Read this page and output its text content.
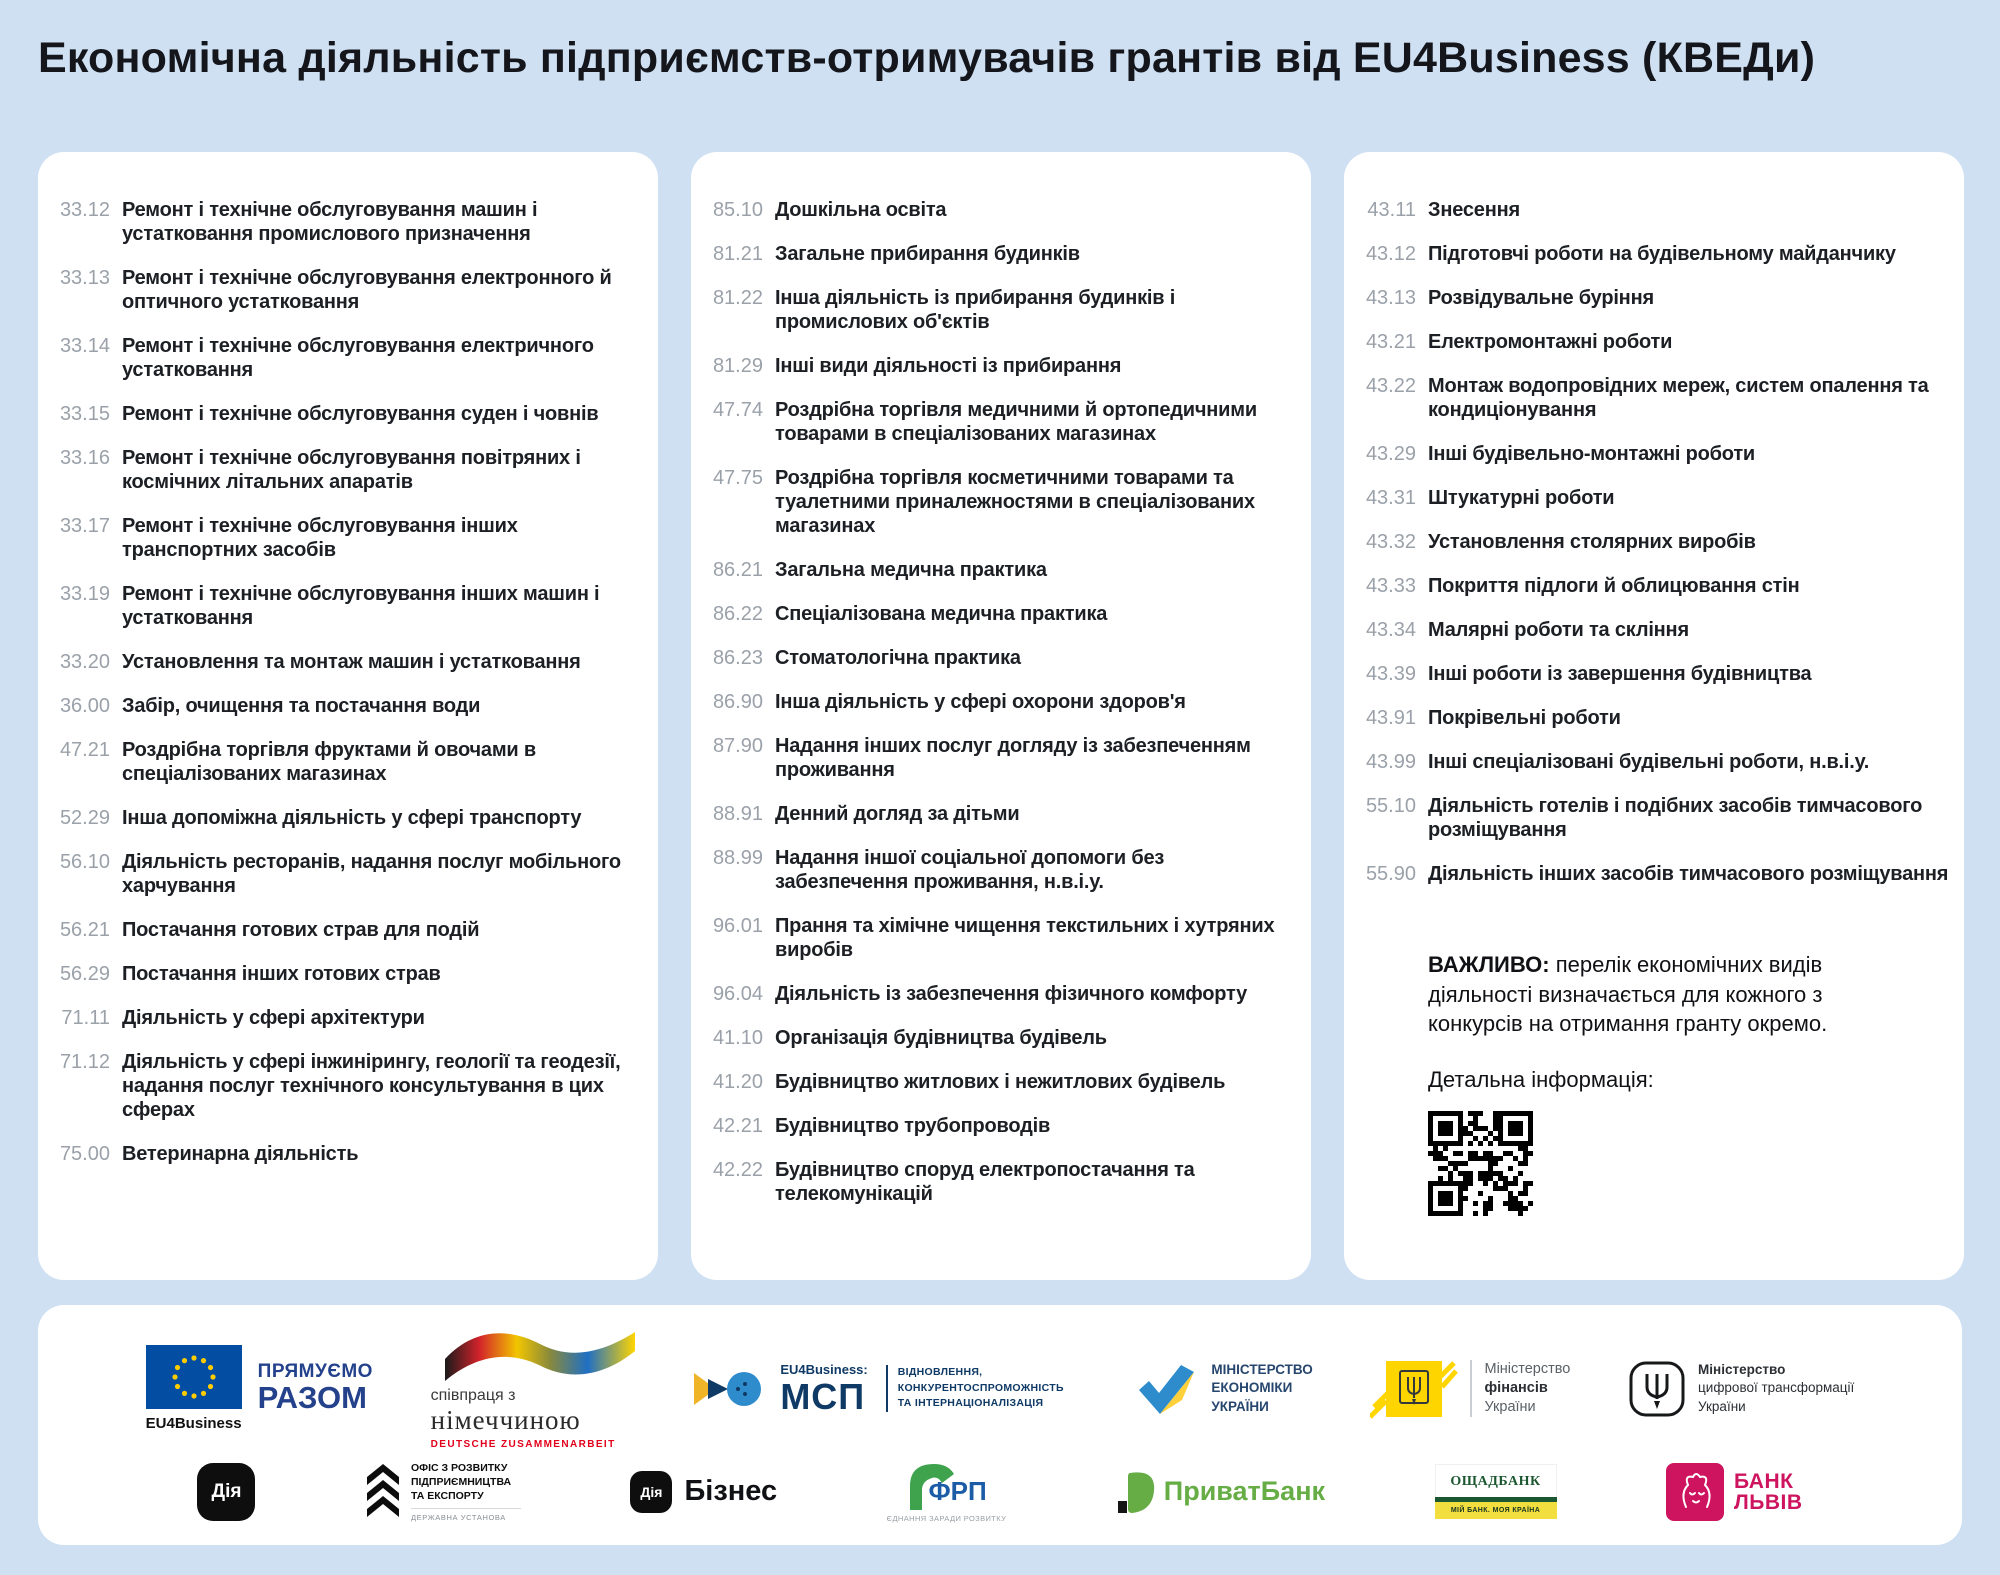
Економічна діяльність підприємств-отримувачів грантів від EU4Business (КВЕДи)
33.12 Ремонт і технічне обслуговування машин і устатковання промислового призначення
33.13 Ремонт і технічне обслуговування електронного й оптичного устатковання
33.14 Ремонт і технічне обслуговування електричного устатковання
33.15 Ремонт і технічне обслуговування суден і човнів
33.16 Ремонт і технічне обслуговування повітряних і космічних літальних апаратів
33.17 Ремонт і технічне обслуговування інших транспортних засобів
33.19 Ремонт і технічне обслуговування інших машин і устатковання
33.20 Установлення та монтаж машин і устатковання
36.00 Забір, очищення та постачання води
47.21 Роздрібна торгівля фруктами й овочами в спеціалізованих магазинах
52.29 Інша допоміжна діяльність у сфері транспорту
56.10 Діяльність ресторанів, надання послуг мобільного харчування
56.21 Постачання готових страв для подій
56.29 Постачання інших готових страв
71.11 Діяльність у сфері архітектури
71.12 Діяльність у сфері інжинірингу, геології та геодезії, надання послуг технічного консультування в цих сферах
75.00 Ветеринарна діяльність
85.10 Дошкільна освіта
81.21 Загальне прибирання будинків
81.22 Інша діяльність із прибирання будинків і промислових об'єктів
81.29 Інші види діяльності із прибирання
47.74 Роздрібна торгівля медичними й ортопедичними товарами в спеціалізованих магазинах
47.75 Роздрібна торгівля косметичними товарами та туалетними приналежностями в спеціалізованих магазинах
86.21 Загальна медична практика
86.22 Спеціалізована медична практика
86.23 Стоматологічна практика
86.90 Інша діяльність у сфері охорони здоров'я
87.90 Надання інших послуг догляду із забезпеченням проживання
88.91 Денний догляд за дітьми
88.99 Надання іншої соціальної допомоги без забезпечення проживання, н.в.і.у.
96.01 Прання та хімічне чищення текстильних і хутряних виробів
96.04 Діяльність із забезпечення фізичного комфорту
41.10 Організація будівництва будівель
41.20 Будівництво житлових і нежитлових будівель
42.21 Будівництво трубопроводів
42.22 Будівництво споруд електропостачання та телекомунікацій
43.11 Знесення
43.12 Підготовчі роботи на будівельному майданчику
43.13 Розвідувальне буріння
43.21 Електромонтажні роботи
43.22 Монтаж водопровідних мереж, систем опалення та кондиціонування
43.29 Інші будівельно-монтажні роботи
43.31 Штукатурні роботи
43.32 Установлення столярних виробів
43.33 Покриття підлоги й облицювання стін
43.34 Малярні роботи та скління
43.39 Інші роботи із завершення будівництва
43.91 Покрівельні роботи
43.99 Інші спеціалізовані будівельні роботи, н.в.і.у.
55.10 Діяльність готелів і подібних засобів тимчасового розміщування
55.90 Діяльність інших засобів тимчасового розміщування

ВАЖЛИВО: перелік економічних видів діяльності визначається для кожного з конкурсів на отримання гранту окремо.

Детальна інформація:

EU4Business
ПРЯМУЄМО
РАЗОМ	співпраця з
німеччиною
DEUTSCHE ZUSAMMENARBEIT
EU4Business:
МСП
ВІДНОВЛЕННЯ, КОНКУРЕНТОСПРОМОЖНІСТЬ ТА ІНТЕРНАЦІОНАЛІЗАЦІЯ
МІНІСТЕРСТВО
ЕКОНОМІКИ
УКРАЇНИ
Міністерство
фінансів
України
Міністерство
цифрової трансформації
України
Дія
ОФІС З РОЗВИТКУ
ПІДПРИЄМНИЦТВА
ТА ЕКСПОРТУ
ДЕРЖАВНА УСТАНОВА
Дія Бізнес	ФРП
ЄДНАННЯ ЗАРАДИ РОЗВИТКУ
ПриватБанк	ОЩАДБАНК
МІЙ БАНК. МОЯ КРАЇНА
БАНК
ЛЬВІВ
